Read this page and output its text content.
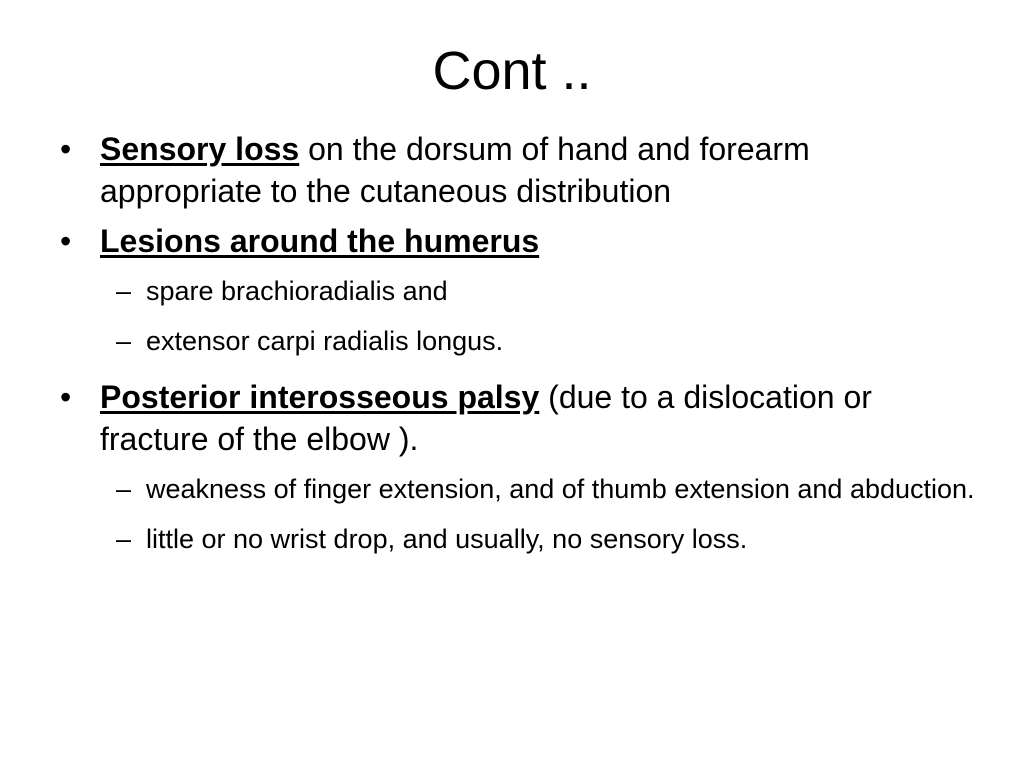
Cont ..
• Sensory loss on the dorsum of hand and forearm appropriate to the cutaneous distribution
• Lesions around the humerus
– spare brachioradialis and
– extensor carpi radialis longus.
• Posterior interosseous palsy (due to a dislocation or fracture of the elbow ).
– weakness of finger extension, and of thumb extension and abduction.
– little or no wrist drop, and usually, no sensory loss.
